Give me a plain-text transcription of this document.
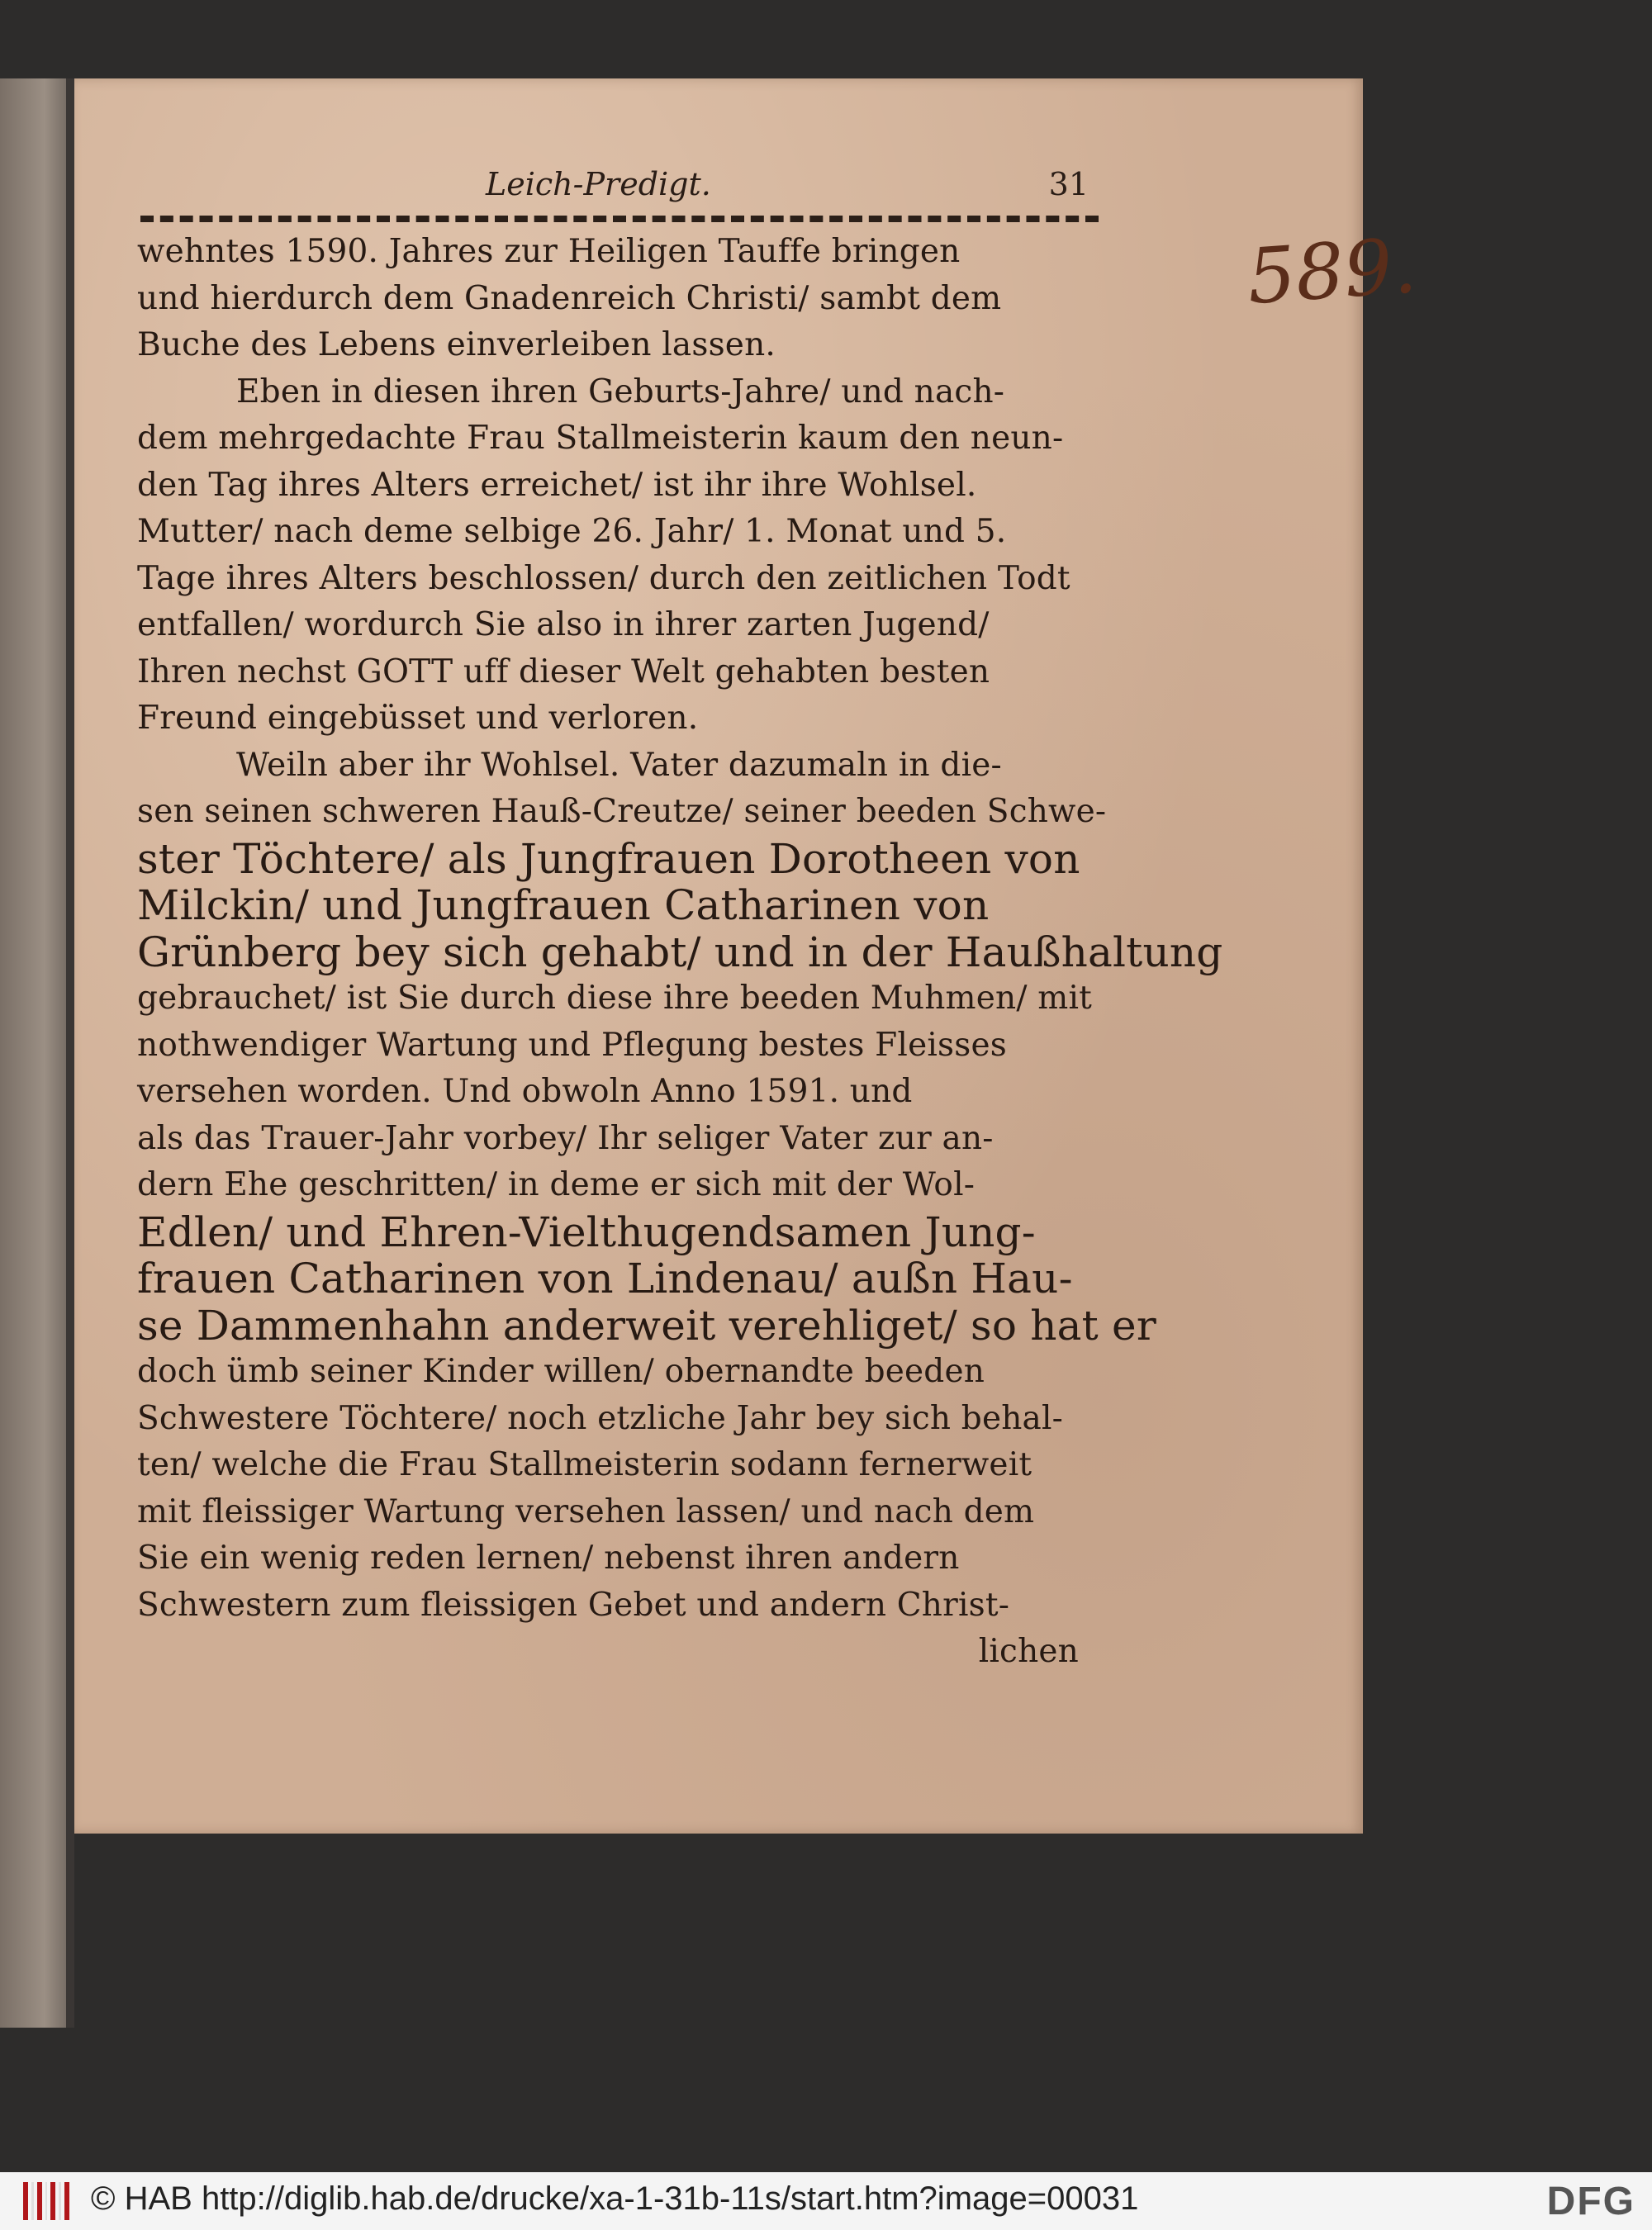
Leich-Predigt.	31
wehntes 1590. Jahres zur Heiligen Tauffe bringen
und hierdurch dem Gnadenreich Christi/ sambt dem
Buche des Lebens einverleiben lassen.
Eben in diesen ihren Geburts-Jahre/ und nach-
dem mehrgedachte Frau Stallmeisterin kaum den neun-
den Tag ihres Alters erreichet/ ist ihr ihre Wohlsel.
Mutter/ nach deme selbige 26. Jahr/ 1. Monat und 5.
Tage ihres Alters beschlossen/ durch den zeitlichen Todt
entfallen/ wordurch Sie also in ihrer zarten Jugend/
Ihren nechst GOTT uff dieser Welt gehabten besten
Freund eingebüsset und verloren.
Weiln aber ihr Wohlsel. Vater dazumaln in die-
sen seinen schweren Hauß-Creutze/ seiner beeden Schwe-
ster Töchtere/ als Jungfrauen Dorotheen von
Milckin/ und Jungfrauen Catharinen von
Grünberg bey sich gehabt/ und in der Haußhaltung
gebrauchet/ ist Sie durch diese ihre beeden Muhmen/ mit
nothwendiger Wartung und Pflegung bestes Fleisses
versehen worden. Und obwoln Anno 1591. und
als das Trauer-Jahr vorbey/ Ihr seliger Vater zur an-
dern Ehe geschritten/ in deme er sich mit der Wol-
Edlen/ und Ehren-Vielthugendsamen Jung-
frauen Catharinen von Lindenau/ außn Hau-
se Dammenhahn anderweit verehliget/ so hat er
doch ümb seiner Kinder willen/ obernandte beeden
Schwestere Töchtere/ noch etzliche Jahr bey sich behal-
ten/ welche die Frau Stallmeisterin sodann fernerweit
mit fleissiger Wartung versehen lassen/ und nach dem
Sie ein wenig reden lernen/ nebenst ihren andern
Schwestern zum fleissigen Gebet und andern Christ-
lichen
589.
© HAB http://diglib.hab.de/drucke/xa-1-31b-11s/start.htm?image=00031	DFG
